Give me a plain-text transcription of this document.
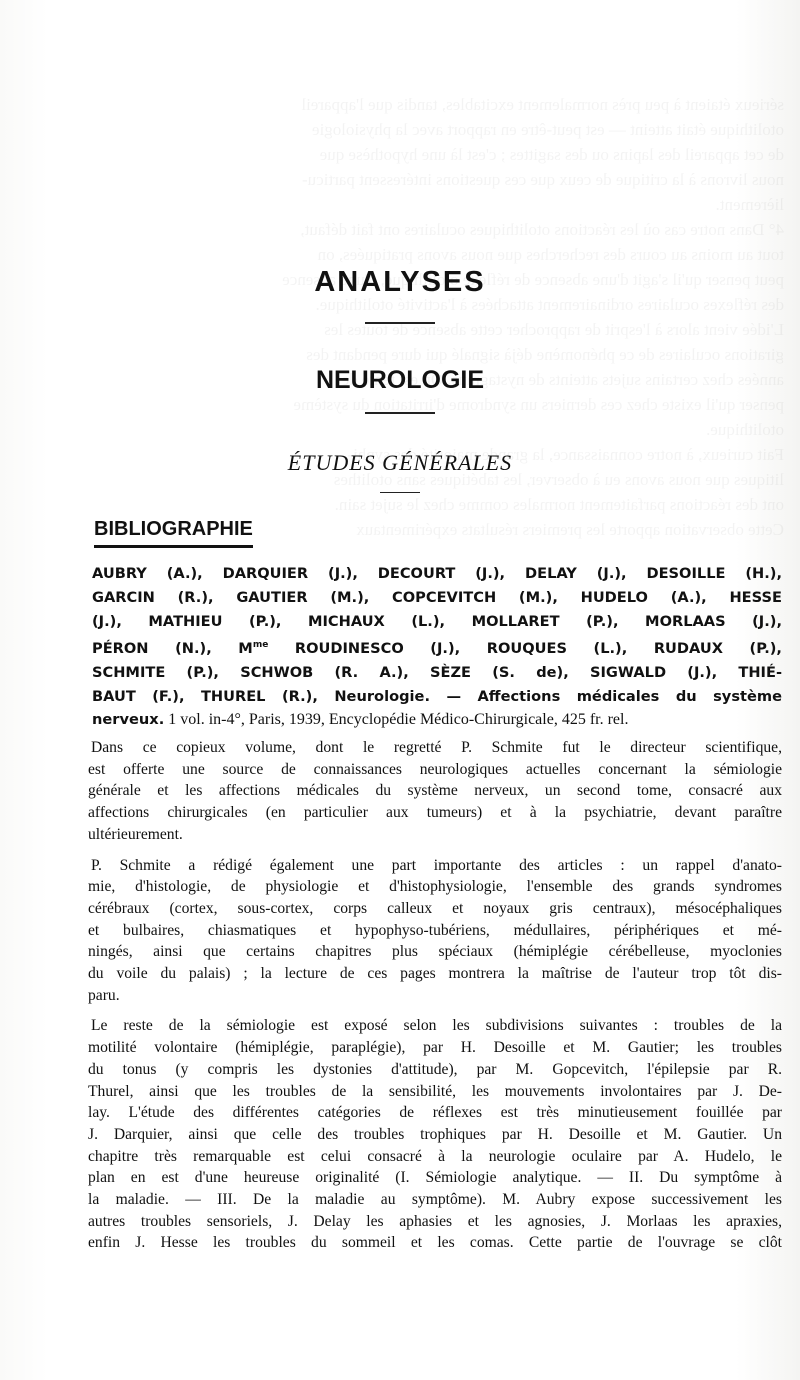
ANALYSES
NEUROLOGIE
ÉTUDES GÉNÉRALES
BIBLIOGRAPHIE
AUBRY (A.), DARQUIER (J.), DECOURT (J.), DELAY (J.), DESOILLE (H.),
GARCIN (R.), GAUTIER (M.), COPCEVITCH (M.), HUDELO (A.), HESSE
(J.), MATHIEU (P.), MICHAUX (L.), MOLLARET (P.), MORLAAS (J.),
PÉRON (N.), $M^{me}$ ROUDINESCO (J.), ROUQUES (L.), RUDAUX (P.),
SCHMITE (P.), SCHWOB (R. A.), SÈZE (S. de), SIGWALD (J.), THIÉ-
BAUT (F.), THUREL (R.), Neurologie. — Affections médicales du système
nerveux. 1 vol. in-4°, Paris, 1939, Encyclopédie Médico-Chirurgicale, 425 fr. rel.

Dans ce copieux volume, dont le regretté P. Schmite fut le directeur scientifique,
est offerte une source de connaissances neurologiques actuelles concernant la sémiologie
générale et les affections médicales du système nerveux, un second tome, consacré aux
affections chirurgicales (en particulier aux tumeurs) et à la psychiatrie, devant paraître
ultérieurement.

P. Schmite a rédigé également une part importante des articles : un rappel d'anato-
mie, d'histologie, de physiologie et d'histophysiologie, l'ensemble des grands syndromes
cérébraux (cortex, sous-cortex, corps calleux et noyaux gris centraux), mésocéphaliques
et bulbaires, chiasmatiques et hypophyso-tubériens, médullaires, périphériques et mé-
ningés, ainsi que certains chapitres plus spéciaux (hémiplégie cérébelleuse, myoclonies
du voile du palais) ; la lecture de ces pages montrera la maîtrise de l'auteur trop tôt dis-
paru.

Le reste de la sémiologie est exposé selon les subdivisions suivantes : troubles de la
motilité volontaire (hémiplégie, paraplégie), par H. Desoille et M. Gautier; les troubles
du tonus (y compris les dystonies d'attitude), par M. Gopcevitch, l'épilepsie par R.
Thurel, ainsi que les troubles de la sensibilité, les mouvements involontaires par J. De-
lay. L'étude des différentes catégories de réflexes est très minutieusement fouillée par
J. Darquier, ainsi que celle des troubles trophiques par H. Desoille et M. Gautier. Un
chapitre très remarquable est celui consacré à la neurologie oculaire par A. Hudelo, le
plan en est d'une heureuse originalité (I. Sémiologie analytique. — II. Du symptôme à
la maladie. — III. De la maladie au symptôme). M. Aubry expose successivement les
autres troubles sensoriels, J. Delay les aphasies et les agnosies, J. Morlaas les apraxies,
enfin J. Hesse les troubles du sommeil et les comas. Cette partie de l'ouvrage se clôt
